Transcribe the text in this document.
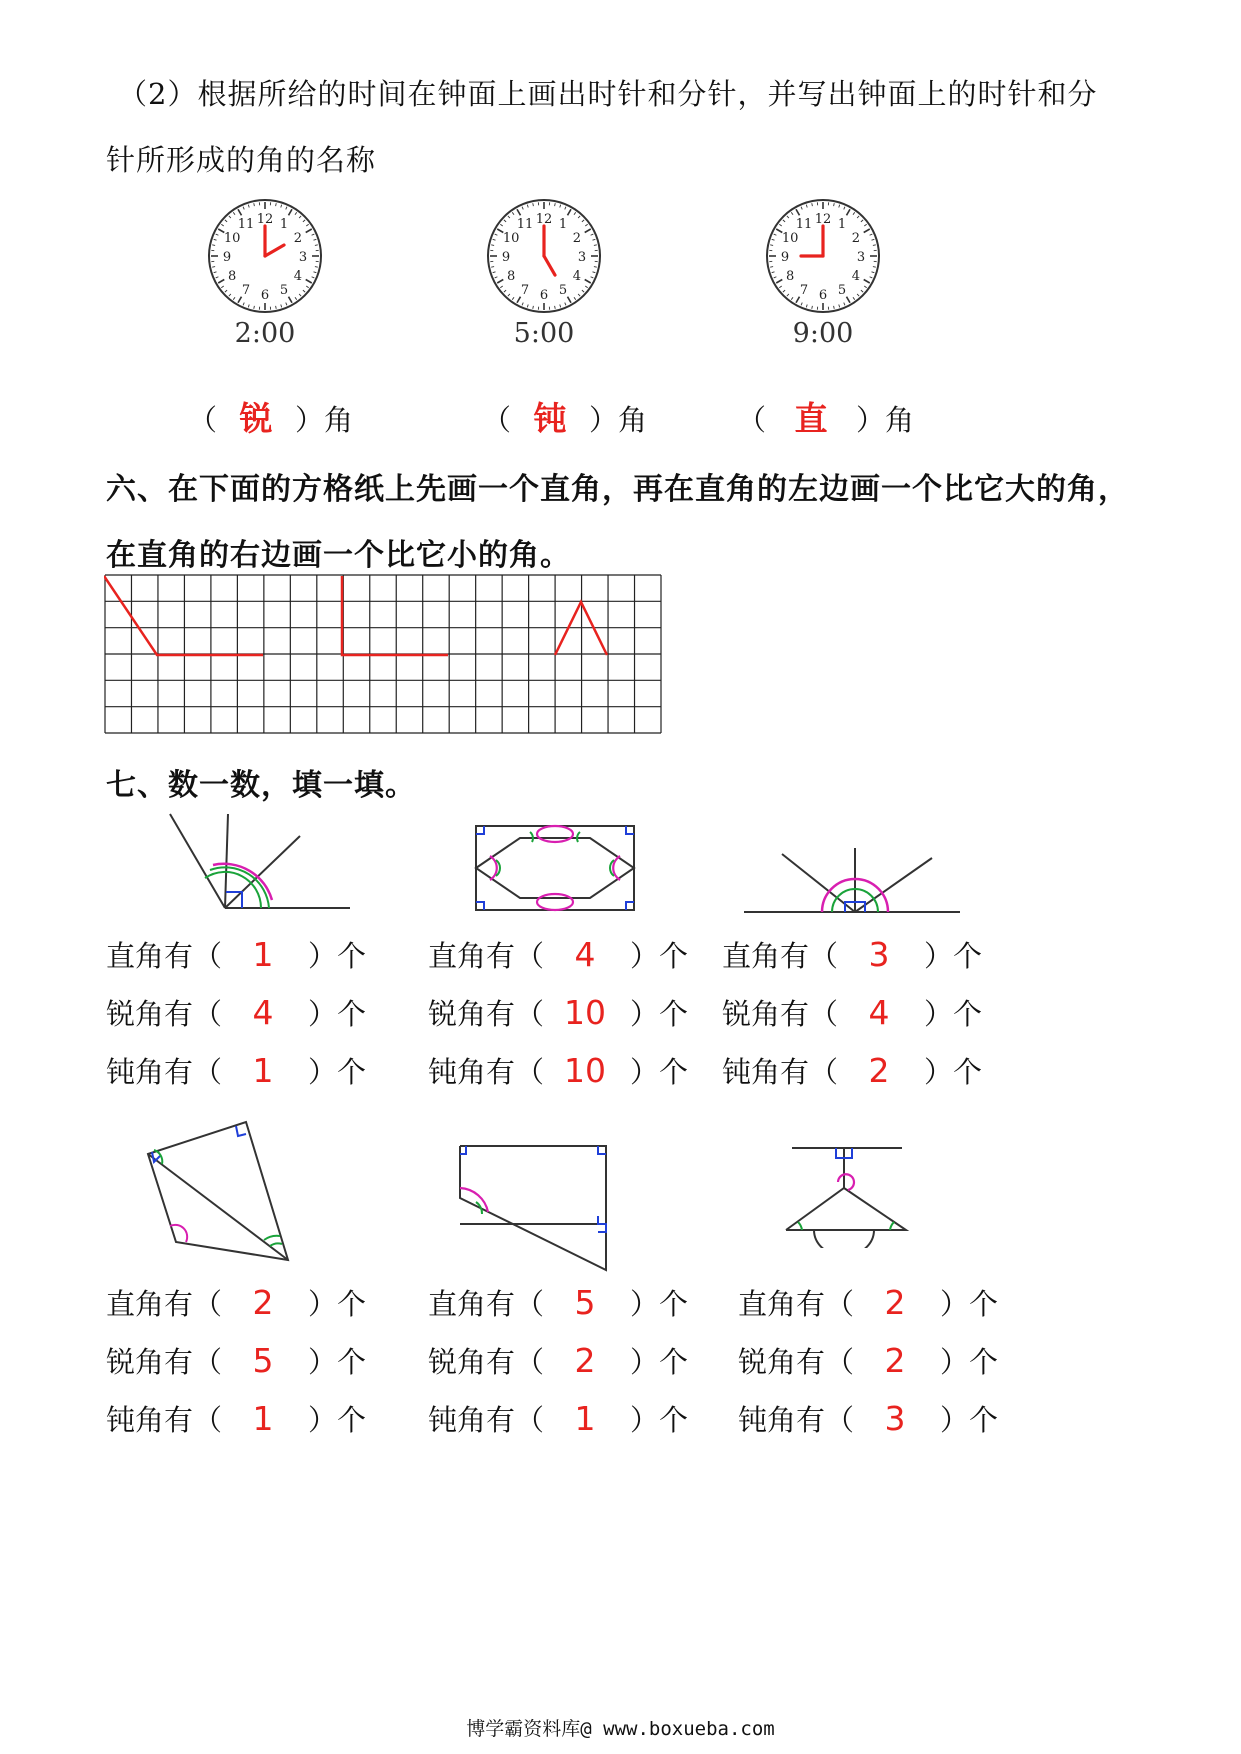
（2）根据所给的时间在钟面上画出时针和分针，并写出钟面上的时针和分
针所形成的角的名称
12 1
2
3
4
5
6
7
8
9
10
11
2:00
12 1
2
3
4
5
6
7
8
9
10
11
5:00
12 1
2
3
4
5
6
7
8
9
10
11
9:00
（ 锐 ）角	（ 钝 ）角	（ 直 ）角
六、在下面的方格纸上先画一个直角，再在直角的左边画一个比它大的角，
在直角的右边画一个比它小的角。
七、数一数，填一填。
直角有（ 1 ）个
锐角有（ 4 ）个
钝角有（ 1 ）个
直角有（ 4 ）个
锐角有（ 10 ）个
钝角有（ 10 ）个
直角有（ 3 ）个
锐角有（ 4 ）个
钝角有（ 2 ）个
直角有（ 2 ）个
锐角有（ 5 ）个
钝角有（ 1 ）个
直角有（ 5 ）个
锐角有（ 2 ）个
钝角有（ 1 ）个
直角有（ 2 ）个
锐角有（ 2 ）个
钝角有（ 3 ）个
博学霸资料库@ www.boxueba.com
